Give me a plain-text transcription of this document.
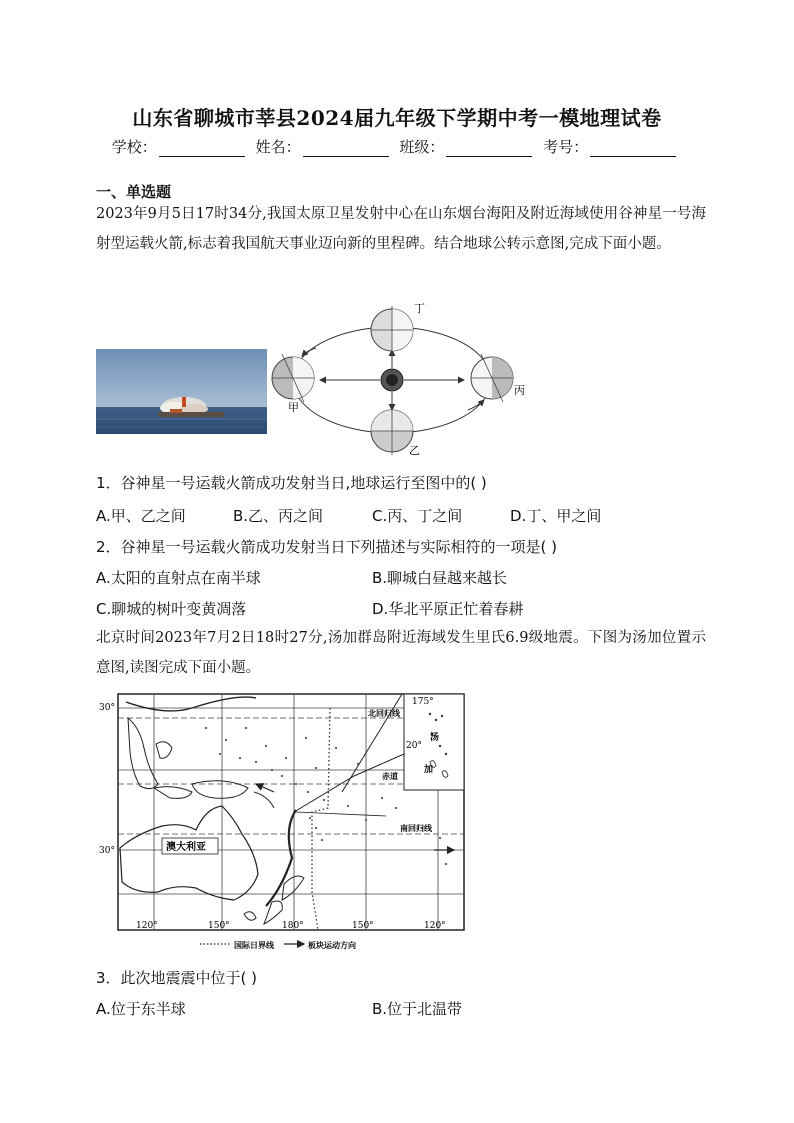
山东省聊城市莘县2024届九年级下学期中考一模地理试卷
学校：	姓名：	班级：	考号：
一、单选题
2023年9月5日17时34分,我国太原卫星发射中心在山东烟台海阳及附近海域使用谷神星一号海射型运载火箭,标志着我国航天事业迈向新的里程碑。结合地球公转示意图,完成下面小题。
丁
甲
丙
乙
1．谷神星一号运载火箭成功发射当日,地球运行至图中的( )
A.甲、乙之间	B.乙、丙之间	C.丙、丁之间	D.丁、甲之间
2．谷神星一号运载火箭成功发射当日下列描述与实际相符的一项是( )
A.太阳的直射点在南半球	B.聊城白昼越来越长
C.聊城的树叶变黄凋落	D.华北平原正忙着春耕
北京时间2023年7月2日18时27分,汤加群岛附近海域发生里氏6.9级地震。下图为汤加位置示意图,读图完成下面小题。
30°
30°
175°
20°
北回归线
赤道
南回归线
汤
加
澳大利亚
120°	150°	180°	150°	120°
国际日界线	板块运动方向
3．此次地震震中位于( )
A.位于东半球	B.位于北温带
